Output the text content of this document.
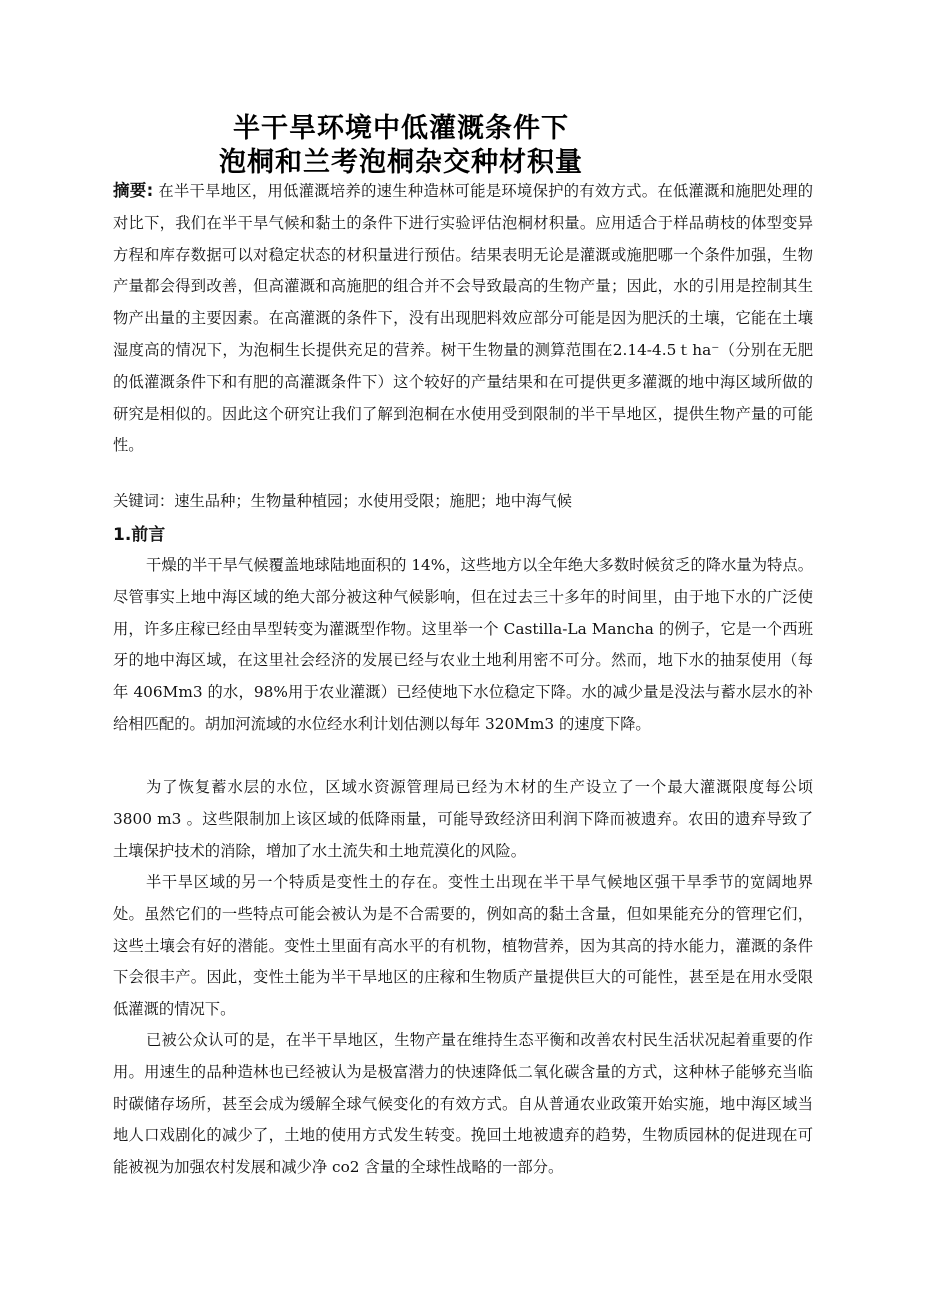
半干旱环境中低灌溉条件下
泡桐和兰考泡桐杂交种材积量

摘要: 在半干旱地区，用低灌溉培养的速生种造林可能是环境保护的有效方式。在低灌溉和施肥处理的对比下，我们在半干旱气候和黏土的条件下进行实验评估泡桐材积量。应用适合于样品萌枝的体型变异方程和库存数据可以对稳定状态的材积量进行预估。结果表明无论是灌溉或施肥哪一个条件加强，生物产量都会得到改善，但高灌溉和高施肥的组合并不会导致最高的生物产量；因此，水的引用是控制其生物产出量的主要因素。在高灌溉的条件下，没有出现肥料效应部分可能是因为肥沃的土壤，它能在土壤湿度高的情况下，为泡桐生长提供充足的营养。树干生物量的测算范围在2.14-4.5ｔha⁻（分别在无肥的低灌溉条件下和有肥的高灌溉条件下）这个较好的产量结果和在可提供更多灌溉的地中海区域所做的研究是相似的。因此这个研究让我们了解到泡桐在水使用受到限制的半干旱地区，提供生物产量的可能性。

关键词：速生品种；生物量种植园；水使用受限；施肥；地中海气候
1.前言

干燥的半干旱气候覆盖地球陆地面积的 14%，这些地方以全年绝大多数时候贫乏的降水量为特点。尽管事实上地中海区域的绝大部分被这种气候影响，但在过去三十多年的时间里，由于地下水的广泛使用，许多庄稼已经由旱型转变为灌溉型作物。这里举一个 Castilla-La Mancha 的例子，它是一个西班牙的地中海区域，在这里社会经济的发展已经与农业土地利用密不可分。然而，地下水的抽泵使用（每年 406Mm3 的水，98%用于农业灌溉）已经使地下水位稳定下降。水的减少量是没法与蓄水层水的补给相匹配的。胡加河流域的水位经水利计划估测以每年 320Mm3 的速度下降。

为了恢复蓄水层的水位，区域水资源管理局已经为木材的生产设立了一个最大灌溉限度每公顷 3800 m3 。这些限制加上该区域的低降雨量，可能导致经济田利润下降而被遗弃。农田的遗弃导致了土壤保护技术的消除，增加了水土流失和土地荒漠化的风险。

半干旱区域的另一个特质是变性土的存在。变性土出现在半干旱气候地区强干旱季节的宽阔地界处。虽然它们的一些特点可能会被认为是不合需要的，例如高的黏土含量，但如果能充分的管理它们，这些土壤会有好的潜能。变性土里面有高水平的有机物，植物营养，因为其高的持水能力，灌溉的条件下会很丰产。因此，变性土能为半干旱地区的庄稼和生物质产量提供巨大的可能性，甚至是在用水受限低灌溉的情况下。

已被公众认可的是，在半干旱地区，生物产量在维持生态平衡和改善农村民生活状况起着重要的作用。用速生的品种造林也已经被认为是极富潜力的快速降低二氧化碳含量的方式，这种林子能够充当临时碳储存场所，甚至会成为缓解全球气候变化的有效方式。自从普通农业政策开始实施，地中海区域当地人口戏剧化的减少了，土地的使用方式发生转变。挽回土地被遗弃的趋势，生物质园林的促进现在可能被视为加强农村发展和减少净 co2 含量的全球性战略的一部分。
